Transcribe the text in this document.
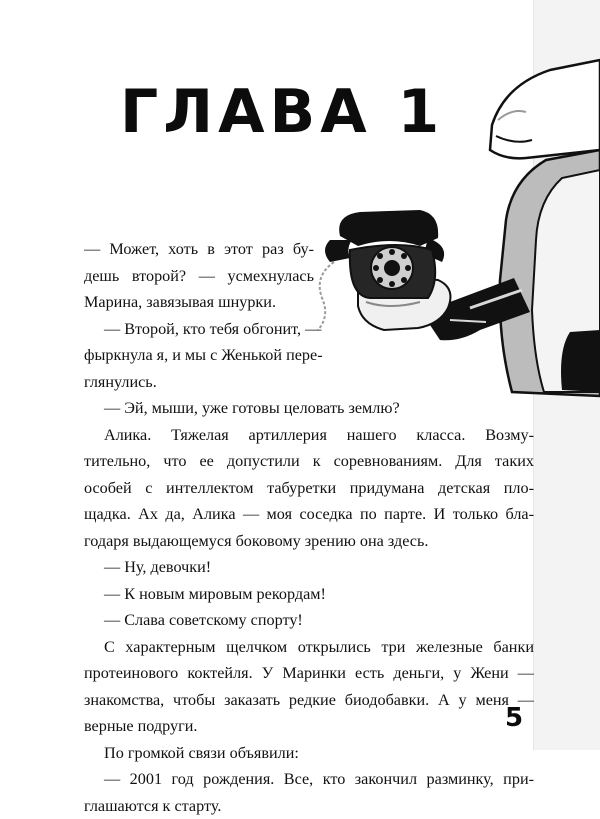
ГЛАВА 1

— Может, хоть в этот раз бу-

дешь второй? — усмехнулась

Марина, завязывая шнурки.

— Второй, кто тебя обгонит, —

фыркнула я, и мы с Женькой пере-

глянулись.

— Эй, мыши, уже готовы целовать землю?

Алика. Тяжелая артиллерия нашего класса. Возму-

тительно, что ее допустили к соревнованиям. Для таких

особей с интеллектом табуретки придумана детская пло-

щадка. Ах да, Алика — моя соседка по парте. И только бла-

годаря выдающемуся боковому зрению она здесь.

— Ну, девочки!

— К новым мировым рекордам!

— Слава советскому спорту!

С характерным щелчком открылись три железные банки

протеинового коктейля. У Маринки есть деньги, у Жени —

знакомства, чтобы заказать редкие биодобавки. А у меня —

верные подруги.

По громкой связи объявили:

— 2001 год рождения. Все, кто закончил разминку, при-

глашаются к старту.

5
